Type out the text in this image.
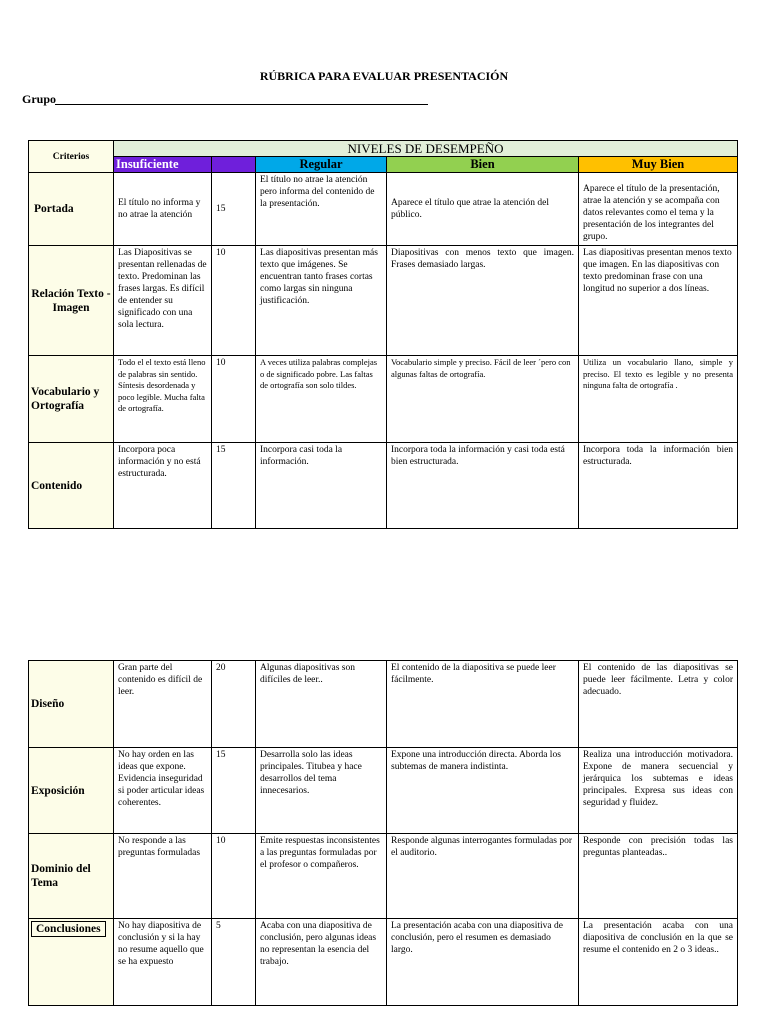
RÚBRICA PARA EVALUAR PRESENTACIÓN
Grupo
Criterios	NIVELES DE DESEMPEÑO				
	Insuficiente		Regular	Bien	Muy Bien
Portada	El título no informa y no atrae la atención	15	El título no atrae la atención pero informa del contenido de la presentación.	Aparece el título que atrae la atención del público.	Aparece el título de la presentación, atrae la atención y se acompaña con datos relevantes como el tema y la presentación de los integrantes del grupo.
Relación Texto - Imagen	Las Diapositivas se presentan rellenadas de texto. Predominan las frases largas. Es difícil de entender su significado con una sola lectura.	10	Las diapositivas presentan más texto que imágenes. Se encuentran tanto frases cortas como largas sin ninguna justificación.	Diapositivas con menos texto que imagen. Frases demasiado largas.	Las diapositivas presentan menos texto que imagen. En las diapositivas con texto predominan frase con una longitud no superior a dos líneas.
Vocabulario y Ortografía	Todo el el texto está lleno de palabras sin sentido. Síntesis desordenada y poco legible. Mucha falta de ortografía.	10	A veces utiliza palabras complejas o de significado pobre. Las faltas de ortografía son solo tildes.	Vocabulario simple y preciso. Fácil de leer ´pero con algunas faltas de ortografía.	Utiliza un vocabulario llano, simple y preciso. El texto es legible y no presenta ninguna falta de ortografía .
Contenido	Incorpora poca información y no está estructurada.	15	Incorpora casi toda la información.	Incorpora toda la información y casi toda está bien estructurada.	Incorpora toda la información bien estructurada.
Diseño	Gran parte del contenido es difícil de leer.	20	Algunas diapositivas son difíciles de leer..	El contenido de la diapositiva se puede leer fácilmente.	El contenido de las diapositivas se puede leer fácilmente. Letra y color adecuado.
Exposición	No hay orden en las ideas que expone. Evidencia inseguridad si poder articular ideas coherentes.	15	Desarrolla solo las ideas principales. Titubea y hace desarrollos del tema innecesarios.	Expone una introducción directa. Aborda los subtemas de manera indistinta.	Realiza una introducción motivadora. Expone de manera secuencial y jerárquica los subtemas e ideas principales. Expresa sus ideas con seguridad y fluidez.
Dominio del Tema	No responde a las preguntas formuladas	10	Emite respuestas inconsistentes a las preguntas formuladas por el profesor o compañeros.	Responde algunas interrogantes formuladas por el auditorio.	Responde con precisión todas las preguntas planteadas..
Conclusiones	No hay diapositiva de conclusión y si la hay no resume aquello que se ha expuesto	5	Acaba con una diapositiva de conclusión, pero algunas ideas no representan la esencia del trabajo.	La presentación acaba con una diapositiva de conclusión, pero el resumen es demasiado largo.	La presentación acaba con una diapositiva de conclusión en la que se resume el contenido en 2 o 3 ideas..
